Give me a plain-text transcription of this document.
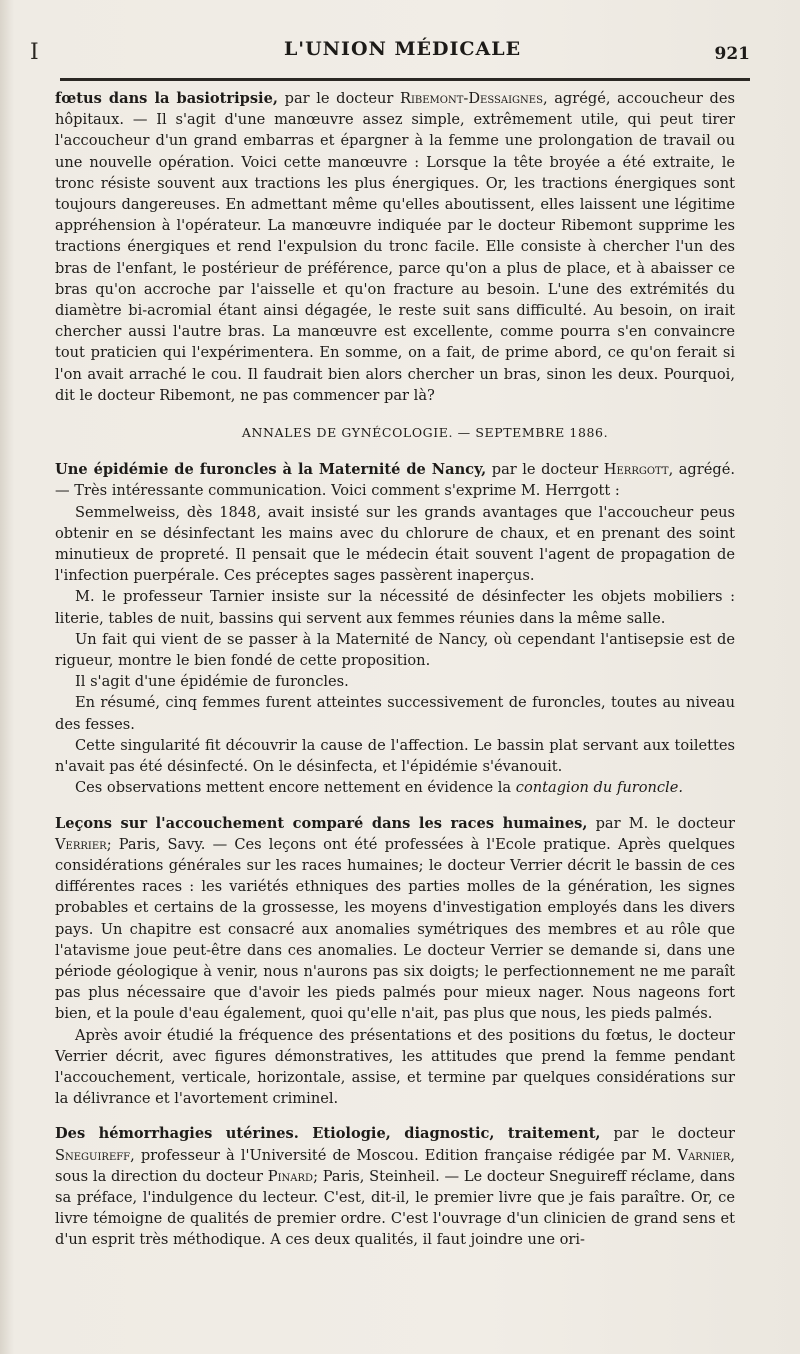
I	L'UNION MÉDICALE	921

fœtus dans la basiotripsie, par le docteur Ribemont-Dessaignes, agrégé, accoucheur des hôpitaux. — Il s'agit d'une manœuvre assez simple, extrêmement utile, qui peut tirer l'accoucheur d'un grand embarras et épargner à la femme une prolongation de travail ou une nouvelle opération. Voici cette manœuvre : Lorsque la tête broyée a été extraite, le tronc résiste souvent aux tractions les plus énergiques. Or, les tractions énergiques sont toujours dangereuses. En admettant même qu'elles aboutissent, elles laissent une légitime appréhension à l'opérateur. La manœuvre indiquée par le docteur Ribemont supprime les tractions énergiques et rend l'expulsion du tronc facile. Elle consiste à chercher l'un des bras de l'enfant, le postérieur de préférence, parce qu'on a plus de place, et à abaisser ce bras qu'on accroche par l'aisselle et qu'on fracture au besoin. L'une des extrémités du diamètre bi-acromial étant ainsi dégagée, le reste suit sans difficulté. Au besoin, on irait chercher aussi l'autre bras. La manœuvre est excellente, comme pourra s'en convaincre tout praticien qui l'expérimentera. En somme, on a fait, de prime abord, ce qu'on ferait si l'on avait arraché le cou. Il faudrait bien alors chercher un bras, sinon les deux. Pourquoi, dit le docteur Ribemont, ne pas commencer par là?

ANNALES DE GYNÉCOLOGIE. — SEPTEMBRE 1886.

Une épidémie de furoncles à la Maternité de Nancy, par le docteur Herrgott, agrégé. — Très intéressante communication. Voici comment s'exprime M. Herrgott :

Semmelweiss, dès 1848, avait insisté sur les grands avantages que l'accoucheur peus obtenir en se désinfectant les mains avec du chlorure de chaux, et en prenant des soint minutieux de propreté. Il pensait que le médecin était souvent l'agent de propagation de l'infection puerpérale. Ces préceptes sages passèrent inaperçus.

M. le professeur Tarnier insiste sur la nécessité de désinfecter les objets mobiliers : literie, tables de nuit, bassins qui servent aux femmes réunies dans la même salle.

Un fait qui vient de se passer à la Maternité de Nancy, où cependant l'antisepsie est de rigueur, montre le bien fondé de cette proposition.

Il s'agit d'une épidémie de furoncles.

En résumé, cinq femmes furent atteintes successivement de furoncles, toutes au niveau des fesses.

Cette singularité fit découvrir la cause de l'affection. Le bassin plat servant aux toilettes n'avait pas été désinfecté. On le désinfecta, et l'épidémie s'évanouit.

Ces observations mettent encore nettement en évidence la contagion du furoncle.

Leçons sur l'accouchement comparé dans les races humaines, par M. le docteur Verrier; Paris, Savy. — Ces leçons ont été professées à l'Ecole pratique. Après quelques considérations générales sur les races humaines; le docteur Verrier décrit le bassin de ces différentes races : les variétés ethniques des parties molles de la génération, les signes probables et certains de la grossesse, les moyens d'investigation employés dans les divers pays. Un chapitre est consacré aux anomalies symétriques des membres et au rôle que l'atavisme joue peut-être dans ces anomalies. Le docteur Verrier se demande si, dans une période géologique à venir, nous n'aurons pas six doigts; le perfectionnement ne me paraît pas plus nécessaire que d'avoir les pieds palmés pour mieux nager. Nous nageons fort bien, et la poule d'eau également, quoi qu'elle n'ait, pas plus que nous, les pieds palmés.

Après avoir étudié la fréquence des présentations et des positions du fœtus, le docteur Verrier décrit, avec figures démonstratives, les attitudes que prend la femme pendant l'accouchement, verticale, horizontale, assise, et termine par quelques considérations sur la délivrance et l'avortement criminel.

Des hémorrhagies utérines. Etiologie, diagnostic, traitement, par le docteur Sneguireff, professeur à l'Université de Moscou. Edition française rédigée par M. Varnier, sous la direction du docteur Pinard; Paris, Steinheil. — Le docteur Sneguireff réclame, dans sa préface, l'indulgence du lecteur. C'est, dit-il, le premier livre que je fais paraître. Or, ce livre témoigne de qualités de premier ordre. C'est l'ouvrage d'un clinicien de grand sens et d'un esprit très méthodique. A ces deux qualités, il faut joindre une ori-
